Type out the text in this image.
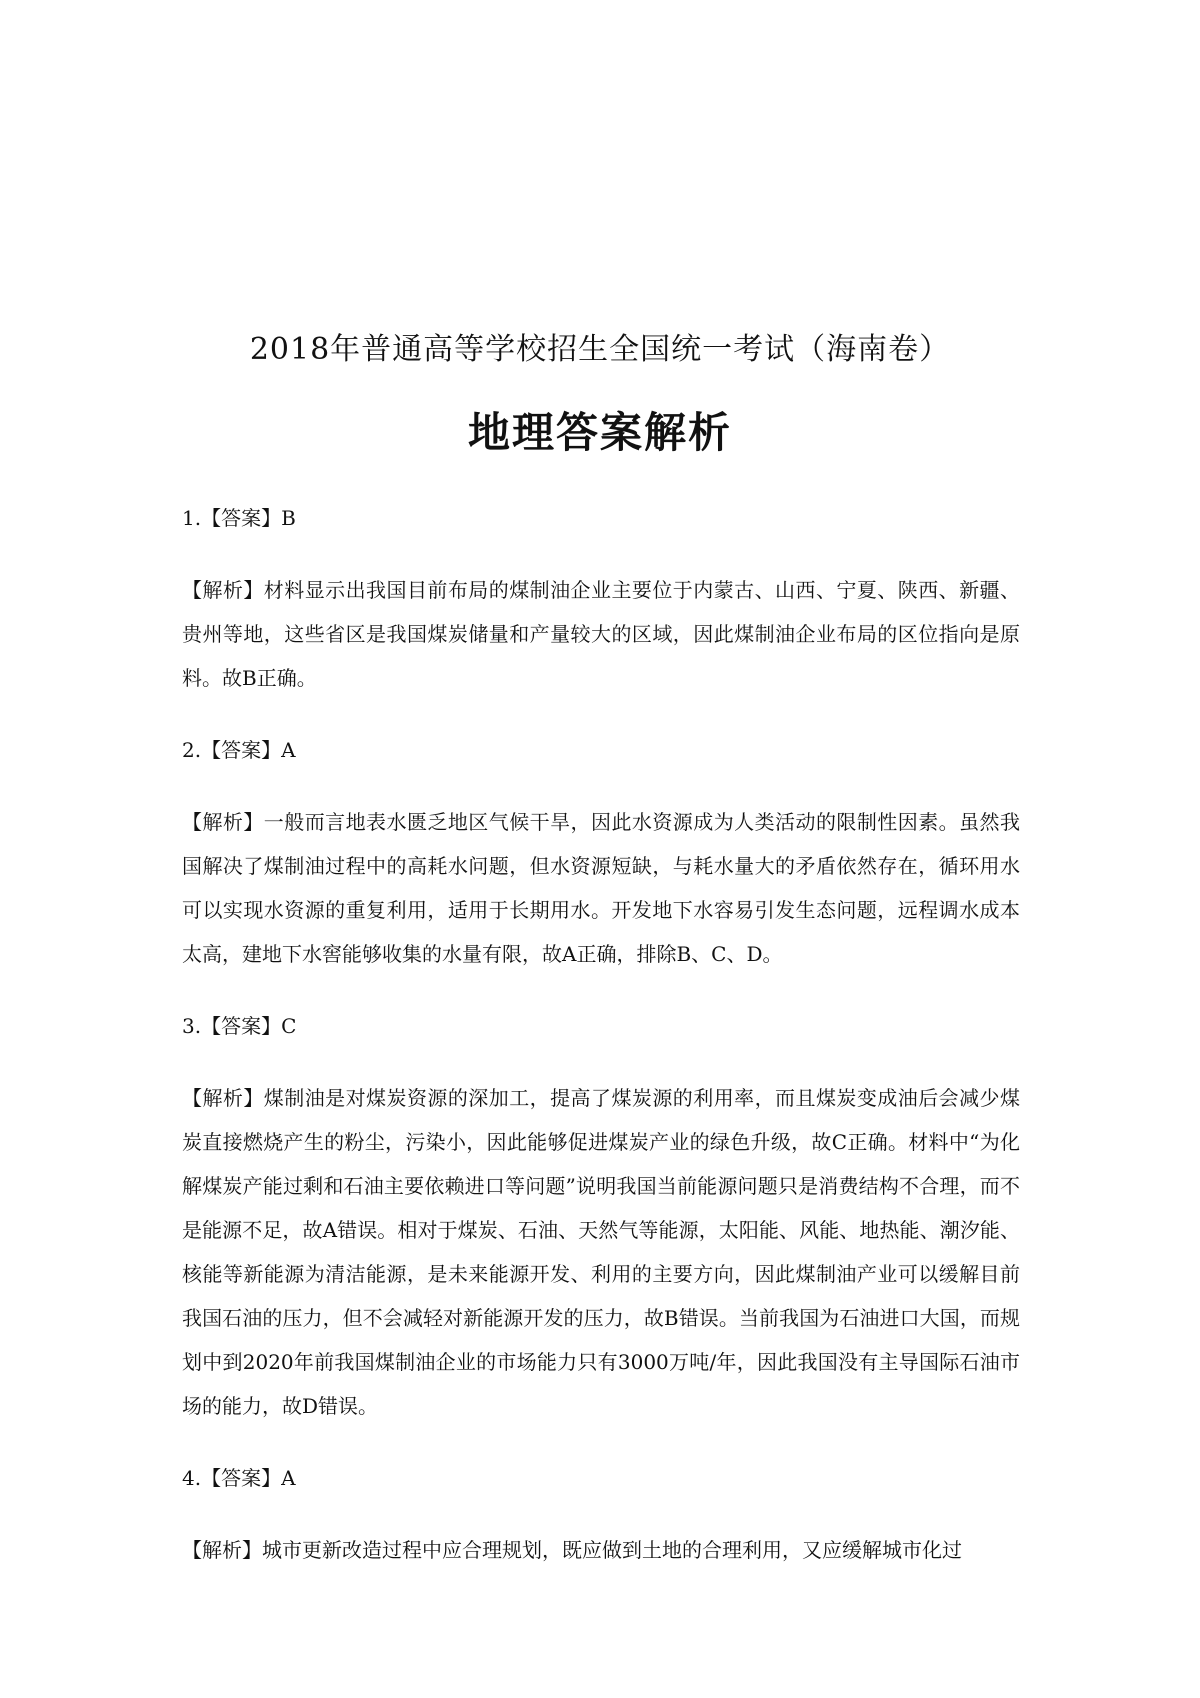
2018年普通高等学校招生全国统一考试（海南卷）
地理答案解析

1.【答案】B

【解析】材料显示出我国目前布局的煤制油企业主要位于内蒙古、山西、宁夏、陕西、新疆、贵州等地，这些省区是我国煤炭储量和产量较大的区域，因此煤制油企业布局的区位指向是原料。故B正确。

2.【答案】A

【解析】一般而言地表水匮乏地区气候干旱，因此水资源成为人类活动的限制性因素。虽然我国解决了煤制油过程中的高耗水问题，但水资源短缺，与耗水量大的矛盾依然存在，循环用水可以实现水资源的重复利用，适用于长期用水。开发地下水容易引发生态问题，远程调水成本太高，建地下水窖能够收集的水量有限，故A正确，排除B、C、D。

3.【答案】C

【解析】煤制油是对煤炭资源的深加工，提高了煤炭源的利用率，而且煤炭变成油后会减少煤炭直接燃烧产生的粉尘，污染小，因此能够促进煤炭产业的绿色升级，故C正确。材料中“为化解煤炭产能过剩和石油主要依赖进口等问题”说明我国当前能源问题只是消费结构不合理，而不是能源不足，故A错误。相对于煤炭、石油、天然气等能源，太阳能、风能、地热能、潮汐能、核能等新能源为清洁能源，是未来能源开发、利用的主要方向，因此煤制油产业可以缓解目前我国石油的压力，但不会减轻对新能源开发的压力，故B错误。当前我国为石油进口大国，而规划中到2020年前我国煤制油企业的市场能力只有3000万吨/年，因此我国没有主导国际石油市场的能力，故D错误。

4.【答案】A

【解析】城市更新改造过程中应合理规划，既应做到土地的合理利用，又应缓解城市化过
